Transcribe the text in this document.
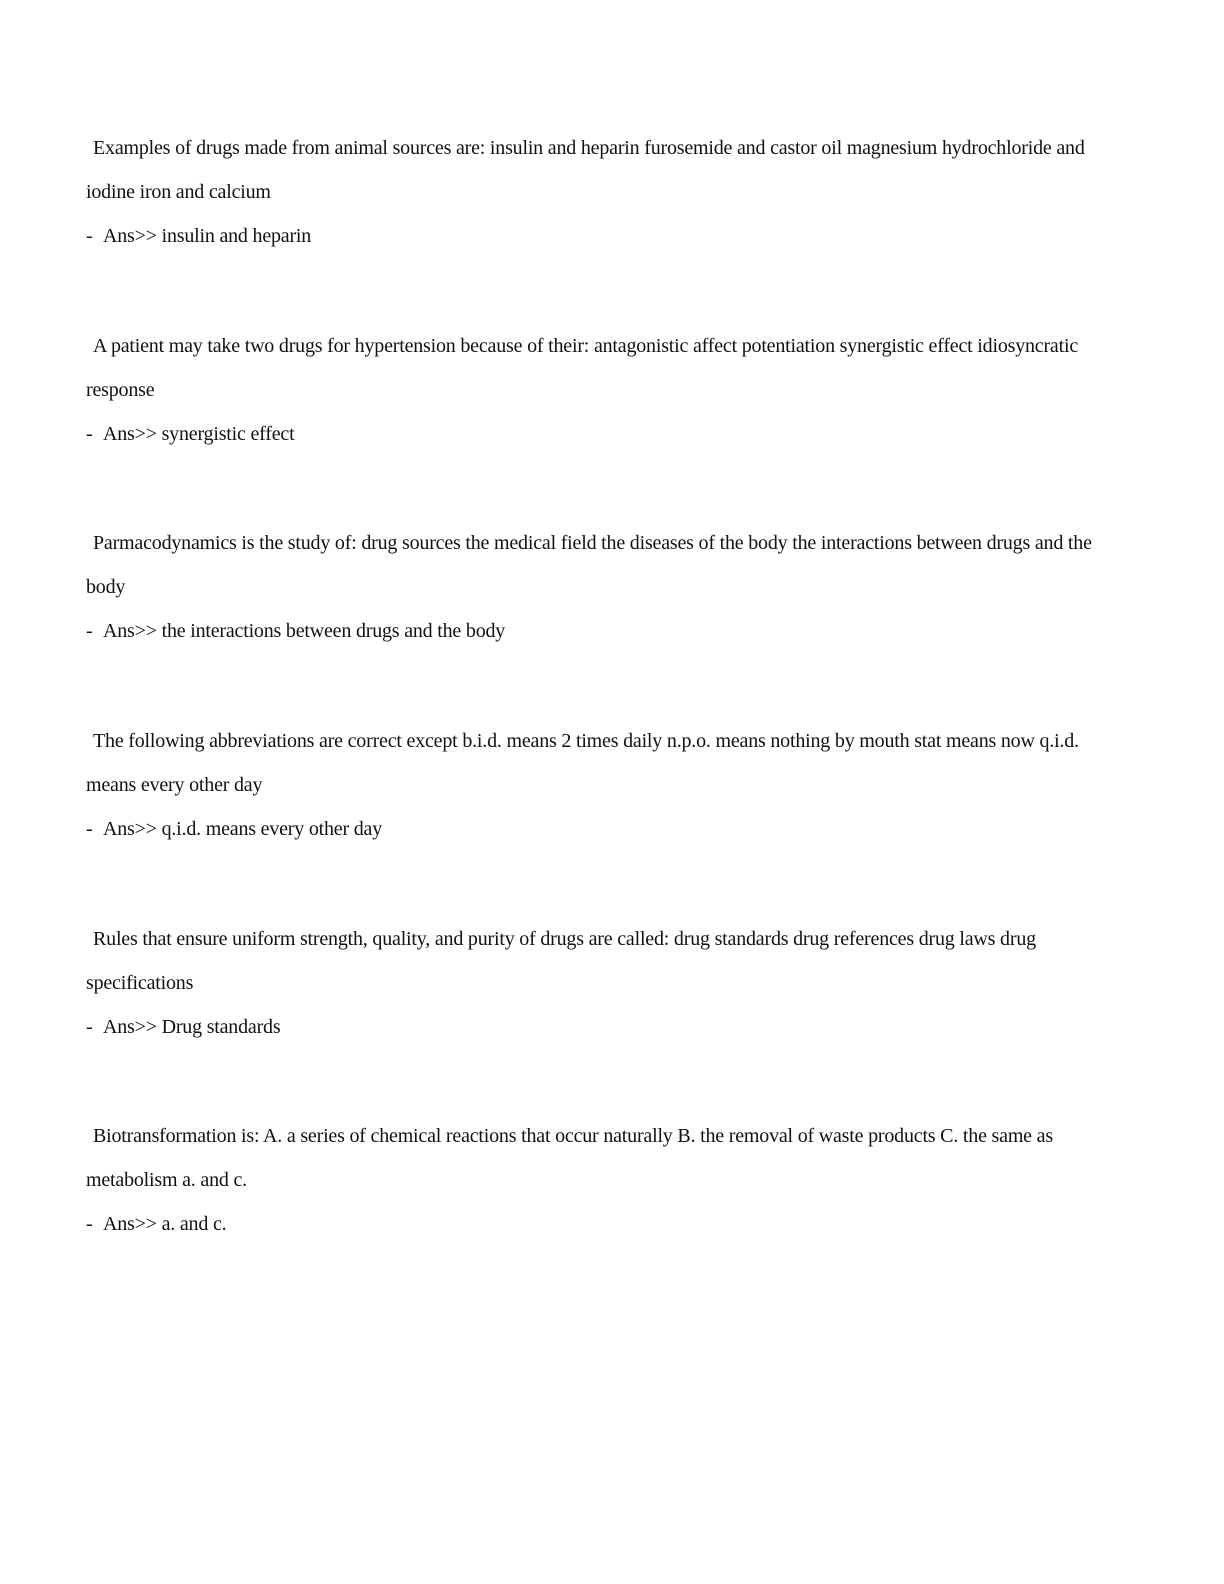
Examples of drugs made from animal sources are: insulin and heparin furosemide and castor oil magnesium hydrochloride and iodine iron and calcium

- Ans>> insulin and heparin

A patient may take two drugs for hypertension because of their: antagonistic affect potentiation synergistic effect idiosyncratic response

- Ans>> synergistic effect

Parmacodynamics is the study of: drug sources the medical field the diseases of the body the interactions between drugs and the body

- Ans>> the interactions between drugs and the body

The following abbreviations are correct except b.i.d. means 2 times daily n.p.o. means nothing by mouth stat means now q.i.d. means every other day

- Ans>> q.i.d. means every other day

Rules that ensure uniform strength, quality, and purity of drugs are called: drug standards drug references drug laws drug specifications

- Ans>> Drug standards

Biotransformation is: A. a series of chemical reactions that occur naturally B. the removal of waste products C. the same as metabolism a. and c.

- Ans>> a. and c.
